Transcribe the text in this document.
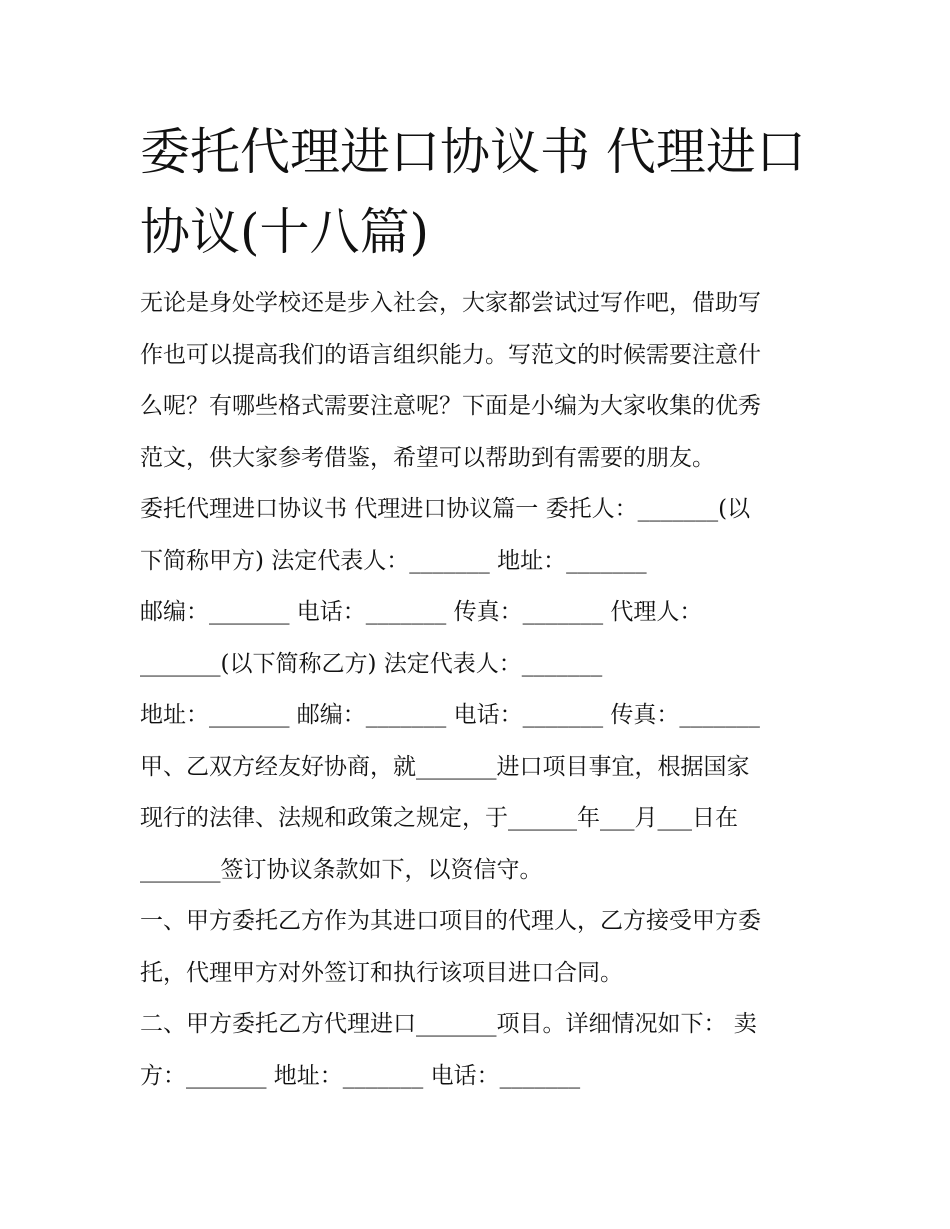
委托代理进口协议书 代理进口
协议(十八篇)
无论是身处学校还是步入社会，大家都尝试过写作吧，借助写
作也可以提高我们的语言组织能力。写范文的时候需要注意什
么呢？有哪些格式需要注意呢？下面是小编为大家收集的优秀
范文，供大家参考借鉴，希望可以帮助到有需要的朋友。
委托代理进口协议书 代理进口协议篇一 委托人：_______(以
下简称甲方) 法定代表人：_______ 地址：_______
邮编：_______ 电话：_______ 传真：_______ 代理人：
_______(以下简称乙方) 法定代表人：_______
地址：_______ 邮编：_______ 电话：_______ 传真：_______
甲、乙双方经友好协商，就_______进口项目事宜，根据国家
现行的法律、法规和政策之规定，于______年___月___日在
_______签订协议条款如下，以资信守。
一、甲方委托乙方作为其进口项目的代理人，乙方接受甲方委
托，代理甲方对外签订和执行该项目进口合同。
二、甲方委托乙方代理进口_______项目。详细情况如下： 卖
方：_______ 地址：_______ 电话：_______
